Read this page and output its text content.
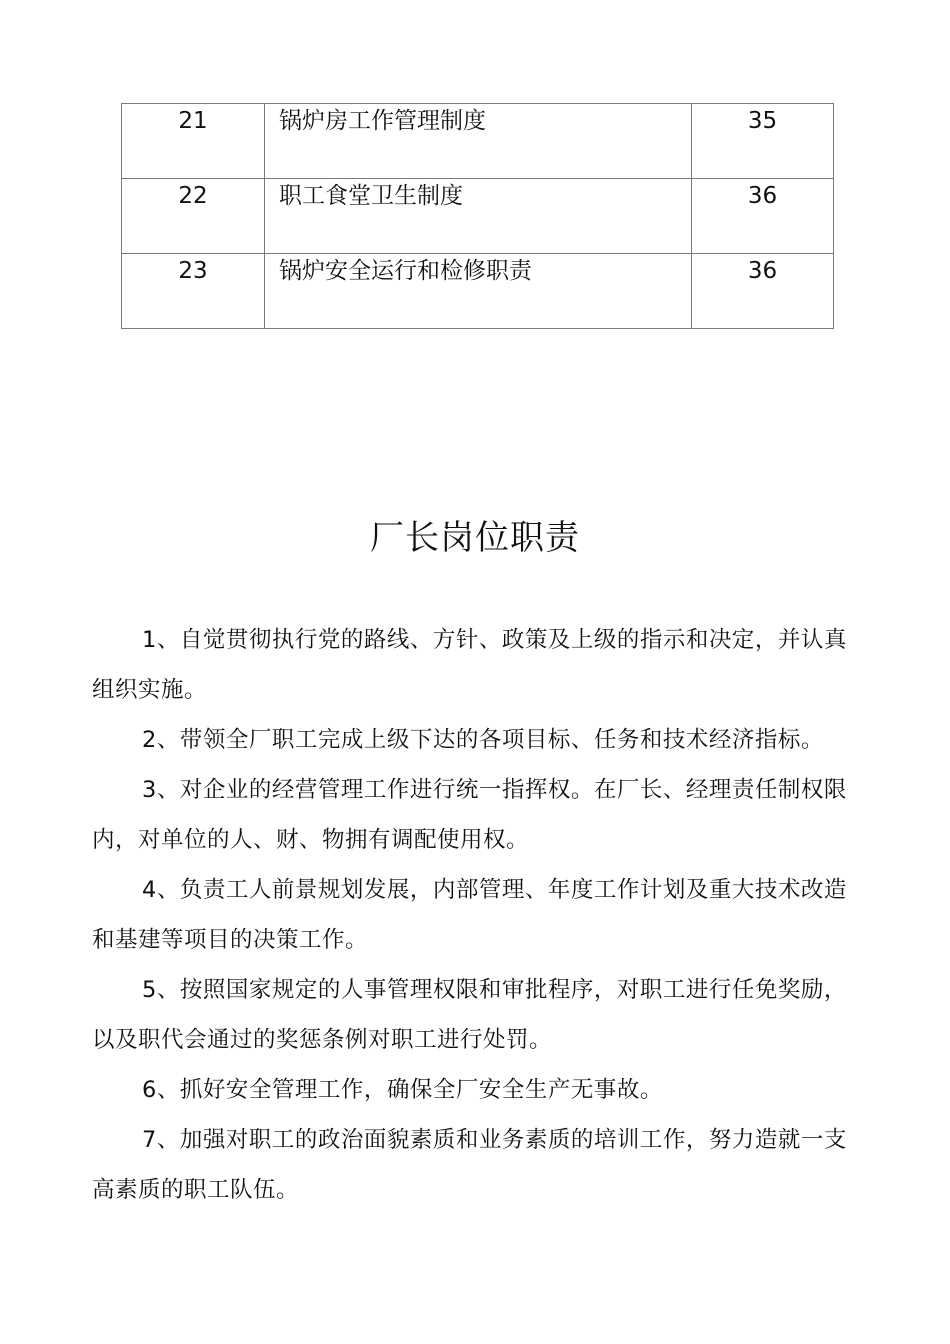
21	锅炉房工作管理制度	35
22	职工食堂卫生制度	36
23	锅炉安全运行和检修职责	36
厂长岗位职责

1、自觉贯彻执行党的路线、方针、政策及上级的指示和决定，并认真组织实施。

2、带领全厂职工完成上级下达的各项目标、任务和技术经济指标。

3、对企业的经营管理工作进行统一指挥权。在厂长、经理责任制权限内，对单位的人、财、物拥有调配使用权。

4、负责工人前景规划发展，内部管理、年度工作计划及重大技术改造和基建等项目的决策工作。

5、按照国家规定的人事管理权限和审批程序，对职工进行任免奖励，以及职代会通过的奖惩条例对职工进行处罚。

6、抓好安全管理工作，确保全厂安全生产无事故。

7、加强对职工的政治面貌素质和业务素质的培训工作，努力造就一支高素质的职工队伍。
